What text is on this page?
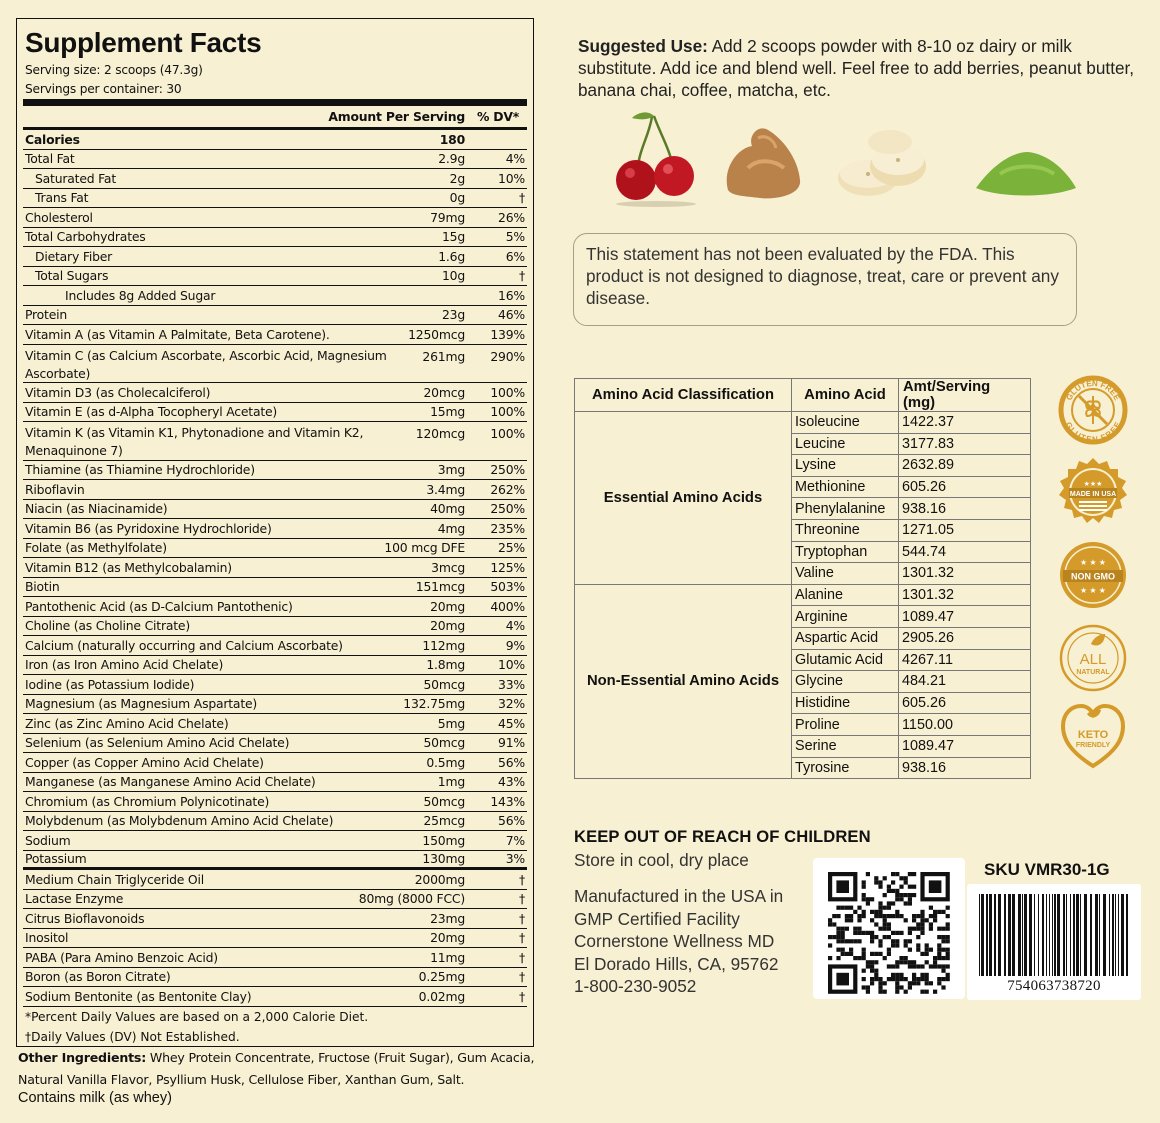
Supplement Facts
Serving size: 2 scoops (47.3g)
Servings per container: 30
Amount Per Serving % DV*
Calories	180
Total Fat	2.9g	4%
Saturated Fat	2g	10%
Trans Fat	0g	†
Cholesterol	79mg	26%
Total Carbohydrates	15g	5%
Dietary Fiber	1.6g	6%
Total Sugars	10g	†
Includes 8g Added Sugar	16%
Protein	23g	46%
Vitamin A (as Vitamin A Palmitate, Beta Carotene).	1250mcg	139%
Vitamin C (as Calcium Ascorbate, Ascorbic Acid, Magnesium Ascorbate)
261mg	290%
Vitamin D3 (as Cholecalciferol)	20mcg	100%
Vitamin E (as d-Alpha Tocopheryl Acetate)	15mg	100%
Vitamin K (as Vitamin K1, Phytonadione and Vitamin K2, Menaquinone 7)
120mcg	100%
Thiamine (as Thiamine Hydrochloride)	3mg	250%
Riboflavin	3.4mg	262%
Niacin (as Niacinamide)	40mg	250%
Vitamin B6 (as Pyridoxine Hydrochloride)	4mg	235%
Folate (as Methylfolate)	100 mcg DFE	25%
Vitamin B12 (as Methylcobalamin)	3mcg	125%
Biotin	151mcg	503%
Pantothenic Acid (as D-Calcium Pantothenic)	20mg	400%
Choline (as Choline Citrate)	20mg	4%
Calcium (naturally occurring and Calcium Ascorbate)	112mg	9%
Iron (as Iron Amino Acid Chelate)	1.8mg	10%
Iodine (as Potassium Iodide)	50mcg	33%
Magnesium (as Magnesium Aspartate)	132.75mg	32%
Zinc (as Zinc Amino Acid Chelate)	5mg	45%
Selenium (as Selenium Amino Acid Chelate)	50mcg	91%
Copper (as Copper Amino Acid Chelate)	0.5mg	56%
Manganese (as Manganese Amino Acid Chelate)	1mg	43%
Chromium (as Chromium Polynicotinate)	50mcg	143%
Molybdenum (as Molybdenum Amino Acid Chelate)	25mcg	56%
Sodium	150mg	7%
Potassium	130mg	3%
Medium Chain Triglyceride Oil	2000mg	†
Lactase Enzyme	80mg (8000 FCC)	†
Citrus Bioflavonoids	23mg	†
Inositol	20mg	†
PABA (Para Amino Benzoic Acid)	11mg	†
Boron (as Boron Citrate)	0.25mg	†
Sodium Bentonite (as Bentonite Clay)	0.02mg	†
*Percent Daily Values are based on a 2,000 Calorie Diet.
†Daily Values (DV) Not Established.
Other Ingredients: Whey Protein Concentrate, Fructose (Fruit Sugar), Gum Acacia, Natural Vanilla Flavor, Psyllium Husk, Cellulose Fiber, Xanthan Gum, Salt.
Contains milk (as whey)
Suggested Use: Add 2 scoops powder with 8-10 oz dairy or milk substitute. Add ice and blend well. Feel free to add berries, peanut butter, banana chai, coffee, matcha, etc.
This statement has not been evaluated by the FDA. This product is not designed to diagnose, treat, care or prevent any disease.
Amino Acid Classification	Amino Acid	Amt/Serving (mg)
Essential Amino Acids	Isoleucine	1422.37
	Leucine	3177.83
	Lysine	2632.89
	Methionine	605.26
	Phenylalanine	938.16
	Threonine	1271.05
	Tryptophan	544.74
	Valine	1301.32
Non-Essential Amino Acids	Alanine	1301.32
	Arginine	1089.47
	Aspartic Acid	2905.26
	Glutamic Acid	4267.11
	Glycine	484.21
	Histidine	605.26
	Proline	1150.00
	Serine	1089.47
	Tyrosine	938.16
GLUTEN FREE
GLUTEN FREE
★★★
MADE IN USA
★ ★ ★
NON GMO
★ ★ ★
ALL
NATURAL
KETO
FRIENDLY
KEEP OUT OF REACH OF CHILDREN
Store in cool, dry place
Manufactured in the USA in
GMP Certified Facility
Cornerstone Wellness MD
El Dorado Hills, CA, 95762
1-800-230-9052
SKU VMR30-1G
754063738720
